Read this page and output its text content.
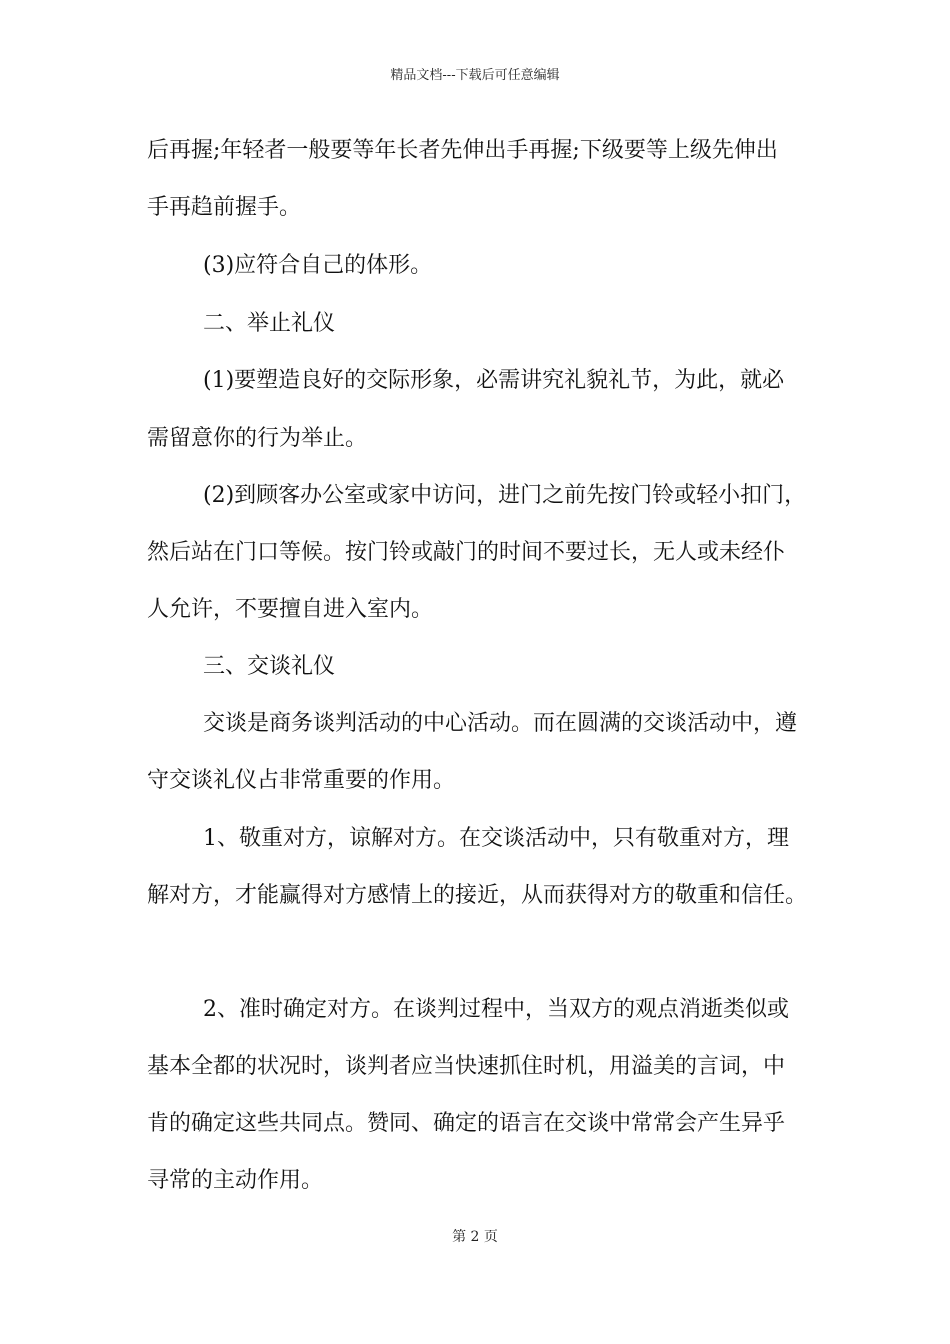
精品文档---下载后可任意编辑
后再握;年轻者一般要等年长者先伸出手再握;下级要等上级先伸出
手再趋前握手。
(3)应符合自己的体形。
二、举止礼仪
(1)要塑造良好的交际形象，必需讲究礼貌礼节，为此，就必
需留意你的行为举止。
(2)到顾客办公室或家中访问，进门之前先按门铃或轻小扣门，
然后站在门口等候。按门铃或敲门的时间不要过长，无人或未经仆
人允许，不要擅自进入室内。
三、交谈礼仪
交谈是商务谈判活动的中心活动。而在圆满的交谈活动中，遵
守交谈礼仪占非常重要的作用。
1、敬重对方，谅解对方。在交谈活动中，只有敬重对方，理
解对方，才能赢得对方感情上的接近，从而获得对方的敬重和信任。
2、准时确定对方。在谈判过程中，当双方的观点消逝类似或
基本全都的状况时，谈判者应当快速抓住时机，用溢美的言词，中
肯的确定这些共同点。赞同、确定的语言在交谈中常常会产生异乎
寻常的主动作用。
第 2 页
